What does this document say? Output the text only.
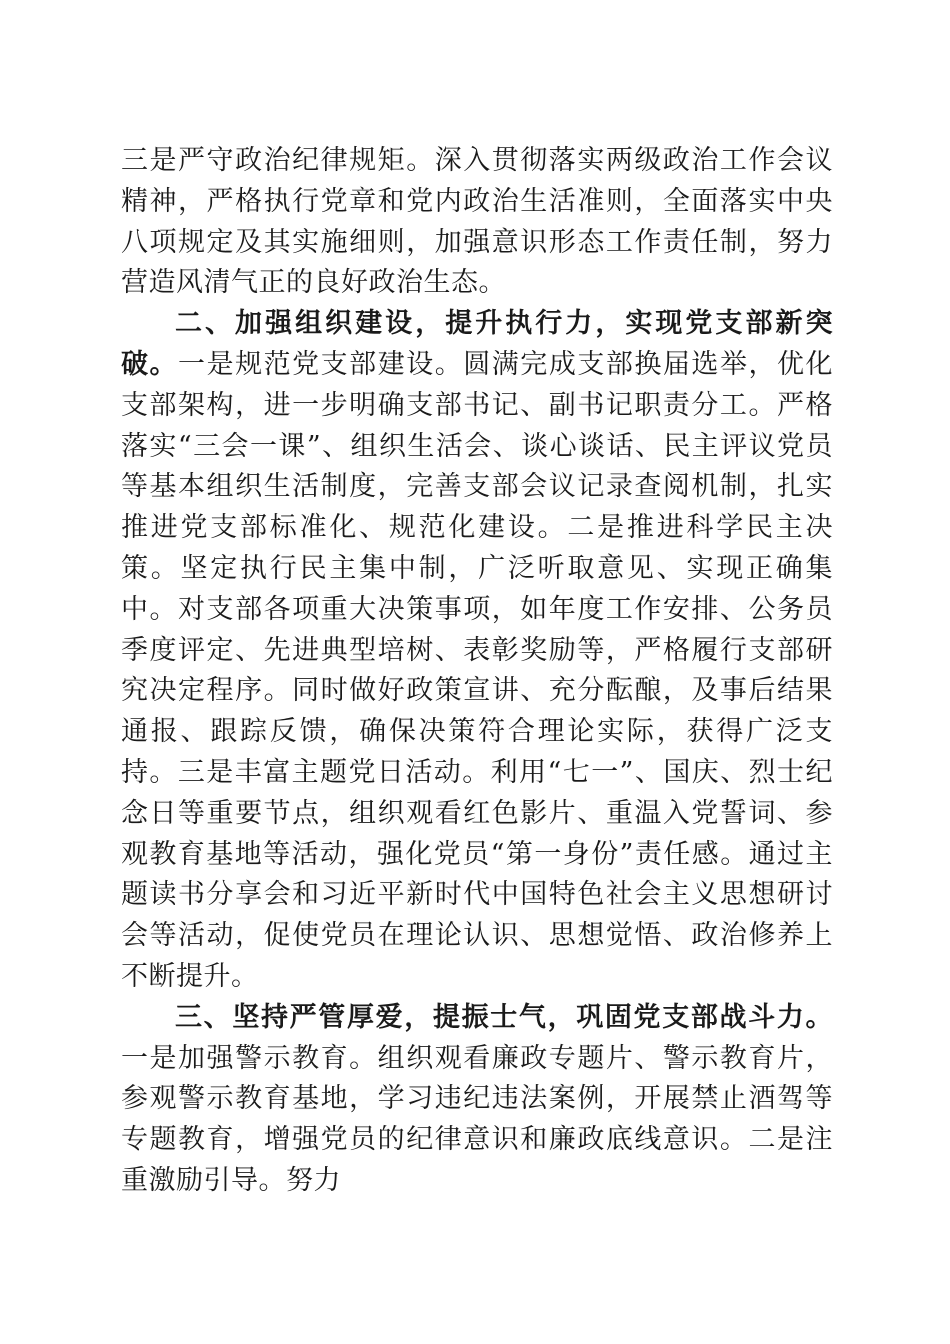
三是严守政治纪律规矩。深入贯彻落实两级政治工作会议精神，严格执行党章和党内政治生活准则，全面落实中央八项规定及其实施细则，加强意识形态工作责任制，努力营造风清气正的良好政治生态。

二、加强组织建设，提升执行力，实现党支部新突破。一是规范党支部建设。圆满完成支部换届选举，优化支部架构，进一步明确支部书记、副书记职责分工。严格落实“三会一课”、组织生活会、谈心谈话、民主评议党员等基本组织生活制度，完善支部会议记录查阅机制，扎实推进党支部标准化、规范化建设。二是推进科学民主决策。坚定执行民主集中制，广泛听取意见、实现正确集中。对支部各项重大决策事项，如年度工作安排、公务员季度评定、先进典型培树、表彰奖励等，严格履行支部研究决定程序。同时做好政策宣讲、充分酝酿，及事后结果通报、跟踪反馈，确保决策符合理论实际，获得广泛支持。三是丰富主题党日活动。利用“七一”、国庆、烈士纪念日等重要节点，组织观看红色影片、重温入党誓词、参观教育基地等活动，强化党员“第一身份”责任感。通过主题读书分享会和习近平新时代中国特色社会主义思想研讨会等活动，促使党员在理论认识、思想觉悟、政治修养上不断提升。

三、坚持严管厚爱，提振士气，巩固党支部战斗力。一是加强警示教育。组织观看廉政专题片、警示教育片，参观警示教育基地，学习违纪违法案例，开展禁止酒驾等专题教育，增强党员的纪律意识和廉政底线意识。二是注重激励引导。努力
